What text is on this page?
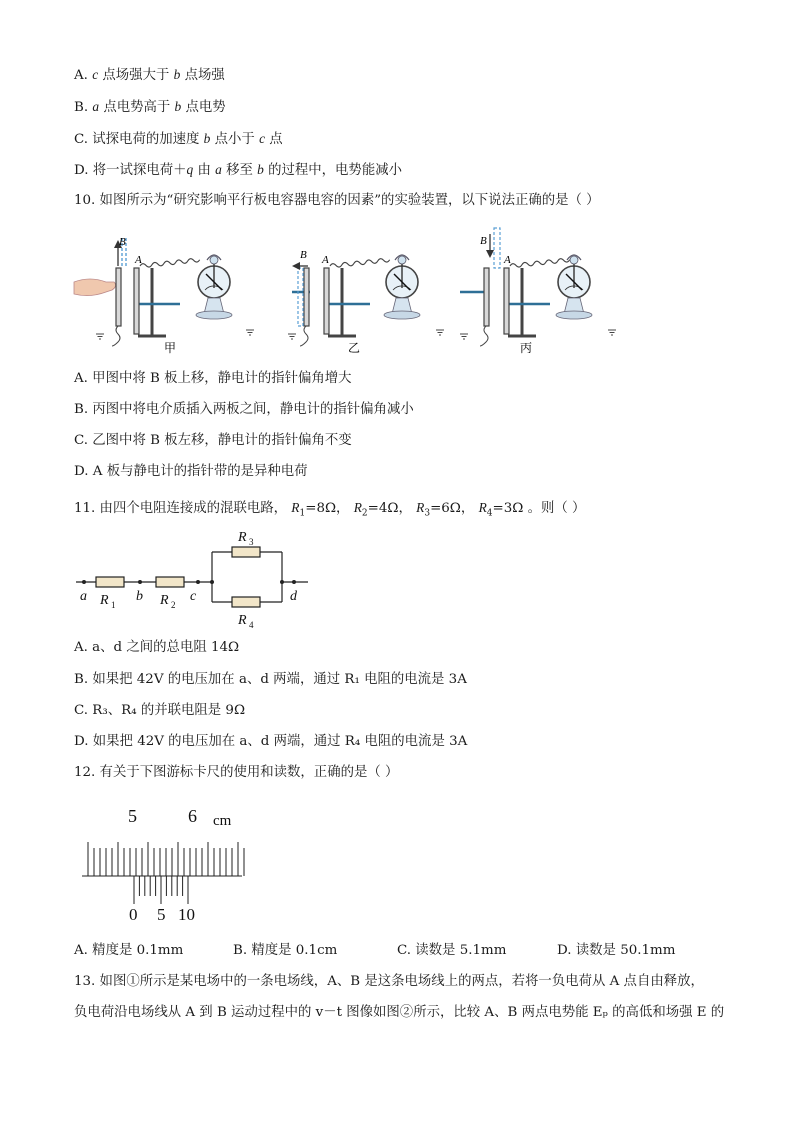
A. c 点场强大于 b 点场强
B. a 点电势高于 b 点电势
C. 试探电荷的加速度 b 点小于 c 点
D. 将一试探电荷＋q 由 a 移至 b 的过程中，电势能减小
10. 如图所示为“研究影响平行板电容器电容的因素”的实验装置，以下说法正确的是（ ）
B
A
甲
B A
乙
B
A
丙
A. 甲图中将 B 板上移，静电计的指针偏角增大
B. 丙图中将电介质插入两板之间，静电计的指针偏角减小
C. 乙图中将 B 板左移，静电计的指针偏角不变
D. A 板与静电计的指针带的是异种电荷
11. 由四个电阻连接成的混联电路， $R_1=8\Omega$， $R_2=4\Omega$， $R_3=6\Omega$， $R_4=3\Omega$ 。则（ ）
a	b	c	d
R 1	R 2
R 3
R 4
A. a、d 之间的总电阻 14Ω
B. 如果把 42V 的电压加在 a、d 两端，通过 R₁ 电阻的电流是 3A
C. R₃、R₄ 的并联电阻是 9Ω
D. 如果把 42V 的电压加在 a、d 两端，通过 R₄ 电阻的电流是 3A
12. 有关于下图游标卡尺的使用和读数，正确的是（ ）
5	6 cm
0 5 10
A. 精度是 0.1mm	B. 精度是 0.1cm	C. 读数是 5.1mm	D. 读数是 50.1mm
13. 如图①所示是某电场中的一条电场线，A、B 是这条电场线上的两点，若将一负电荷从 A 点自由释放，
负电荷沿电场线从 A 到 B 运动过程中的 v－t 图像如图②所示，比较 A、B 两点电势能 Eₚ 的高低和场强 E 的
